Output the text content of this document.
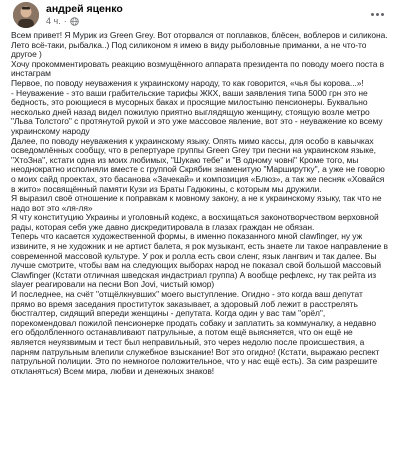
андрей яценко
4 ч. ·

Всем привет! Я Мурик из Green Grey. Вот оторвался от поплавков, блёсен, воблеров и силикона. Лето всё-таки, рыбалка..) Под силиконом я имею в виду рыболовные приманки, а не что-то другое )

Хочу прокомментировать реакцию возмущённого аппарата президента по поводу моего поста в инстаграм

Первое, по поводу неуважения к украинскому народу, то как говорится, «чья бы корова...»!

- Неуважение - это ваши грабительские тарифы ЖКХ, ваши заявления типа 5000 грн это не бедность, это роющиеся в мусорных баках и просящие милостыню пенсионеры. Буквально несколько дней назад видел пожилую приятно выглядящую женщину, стоящую возле метро "Льва Толстого" с протянутой рукой и это уже массовое явление, вот это - неуважение ко всему украинскому народу

Далее, по поводу неуважения к украинскому языку. Опять мимо кассы, для особо в кавычках осведомлённых сообщу, что в репертуаре группы Green Grey три песни на украинском языке, "ХтоЗна", кстати одна из моих любимых, "Шукаю тебе" и "В одному човні" Кроме того, мы неоднократно исполняли вместе с группой Скрябин знаменитую "Марширутку", а уже не говорю о моих сайд проектах, это басанова «Зачекай» и композиция «Блюз», а так же песняк «Ховайся в жито» посвящённый памяти Кузи из Браты Гадюкины, с которым мы дружили.

Я выразил своё отношение к поправкам к мовному закону, а не к украинскому языку, так что не надо вот это «ля-ля»

Я чту конституцию Украины и уголовный кодекс, а восхищаться законотворчеством верховной рады, которая себя уже давно дискредитировала в глазах граждан не обязан.

Теперь что касается художественной формы, в именно показанного мной clawfinger, ну уж извините, я не художник и не артист балета, я рок музыкант, есть знаете ли такое направление в современной массовой культуре. У рок и ролла есть свои сленг, язык лангвич и так далее. Вы лучше смотрите, чтобы вам на следующих выборах народ не показал свой большой массовый Clawfinger (Кстати отличная шведская индастриал группа) А вообще рефлекс, ну так рейта из slayer реагировали на песни Bon Jovi, чистый юмор)

И последнее, на счёт "отщёлкнувших" моего выступление. Огидно - это когда ваш депутат прямо во время заседания проституток заказывает, а здоровый лоб лежит в расстрелять бюстгалтер, сидящий впереди женщины - депутата. Когда один у вас там "орёл", порекомендовал пожилой пенсионерке продать собаку и заплатить за коммуналку, а недавно его обдолбленного останавливают патрульные, а потом ещё выясняется, что он ещё не является неуязвимым и тест был неправильный, это через недолю после происшествия, а парням патрульным влепили служебное взыскание! Вот это огидно! (Кстати, выражаю респект патрульной полиции. Это по немногое положительное, что у нас ещё есть). За сим разрешите откланяться) Всем мира, любви и денежных знаков!
